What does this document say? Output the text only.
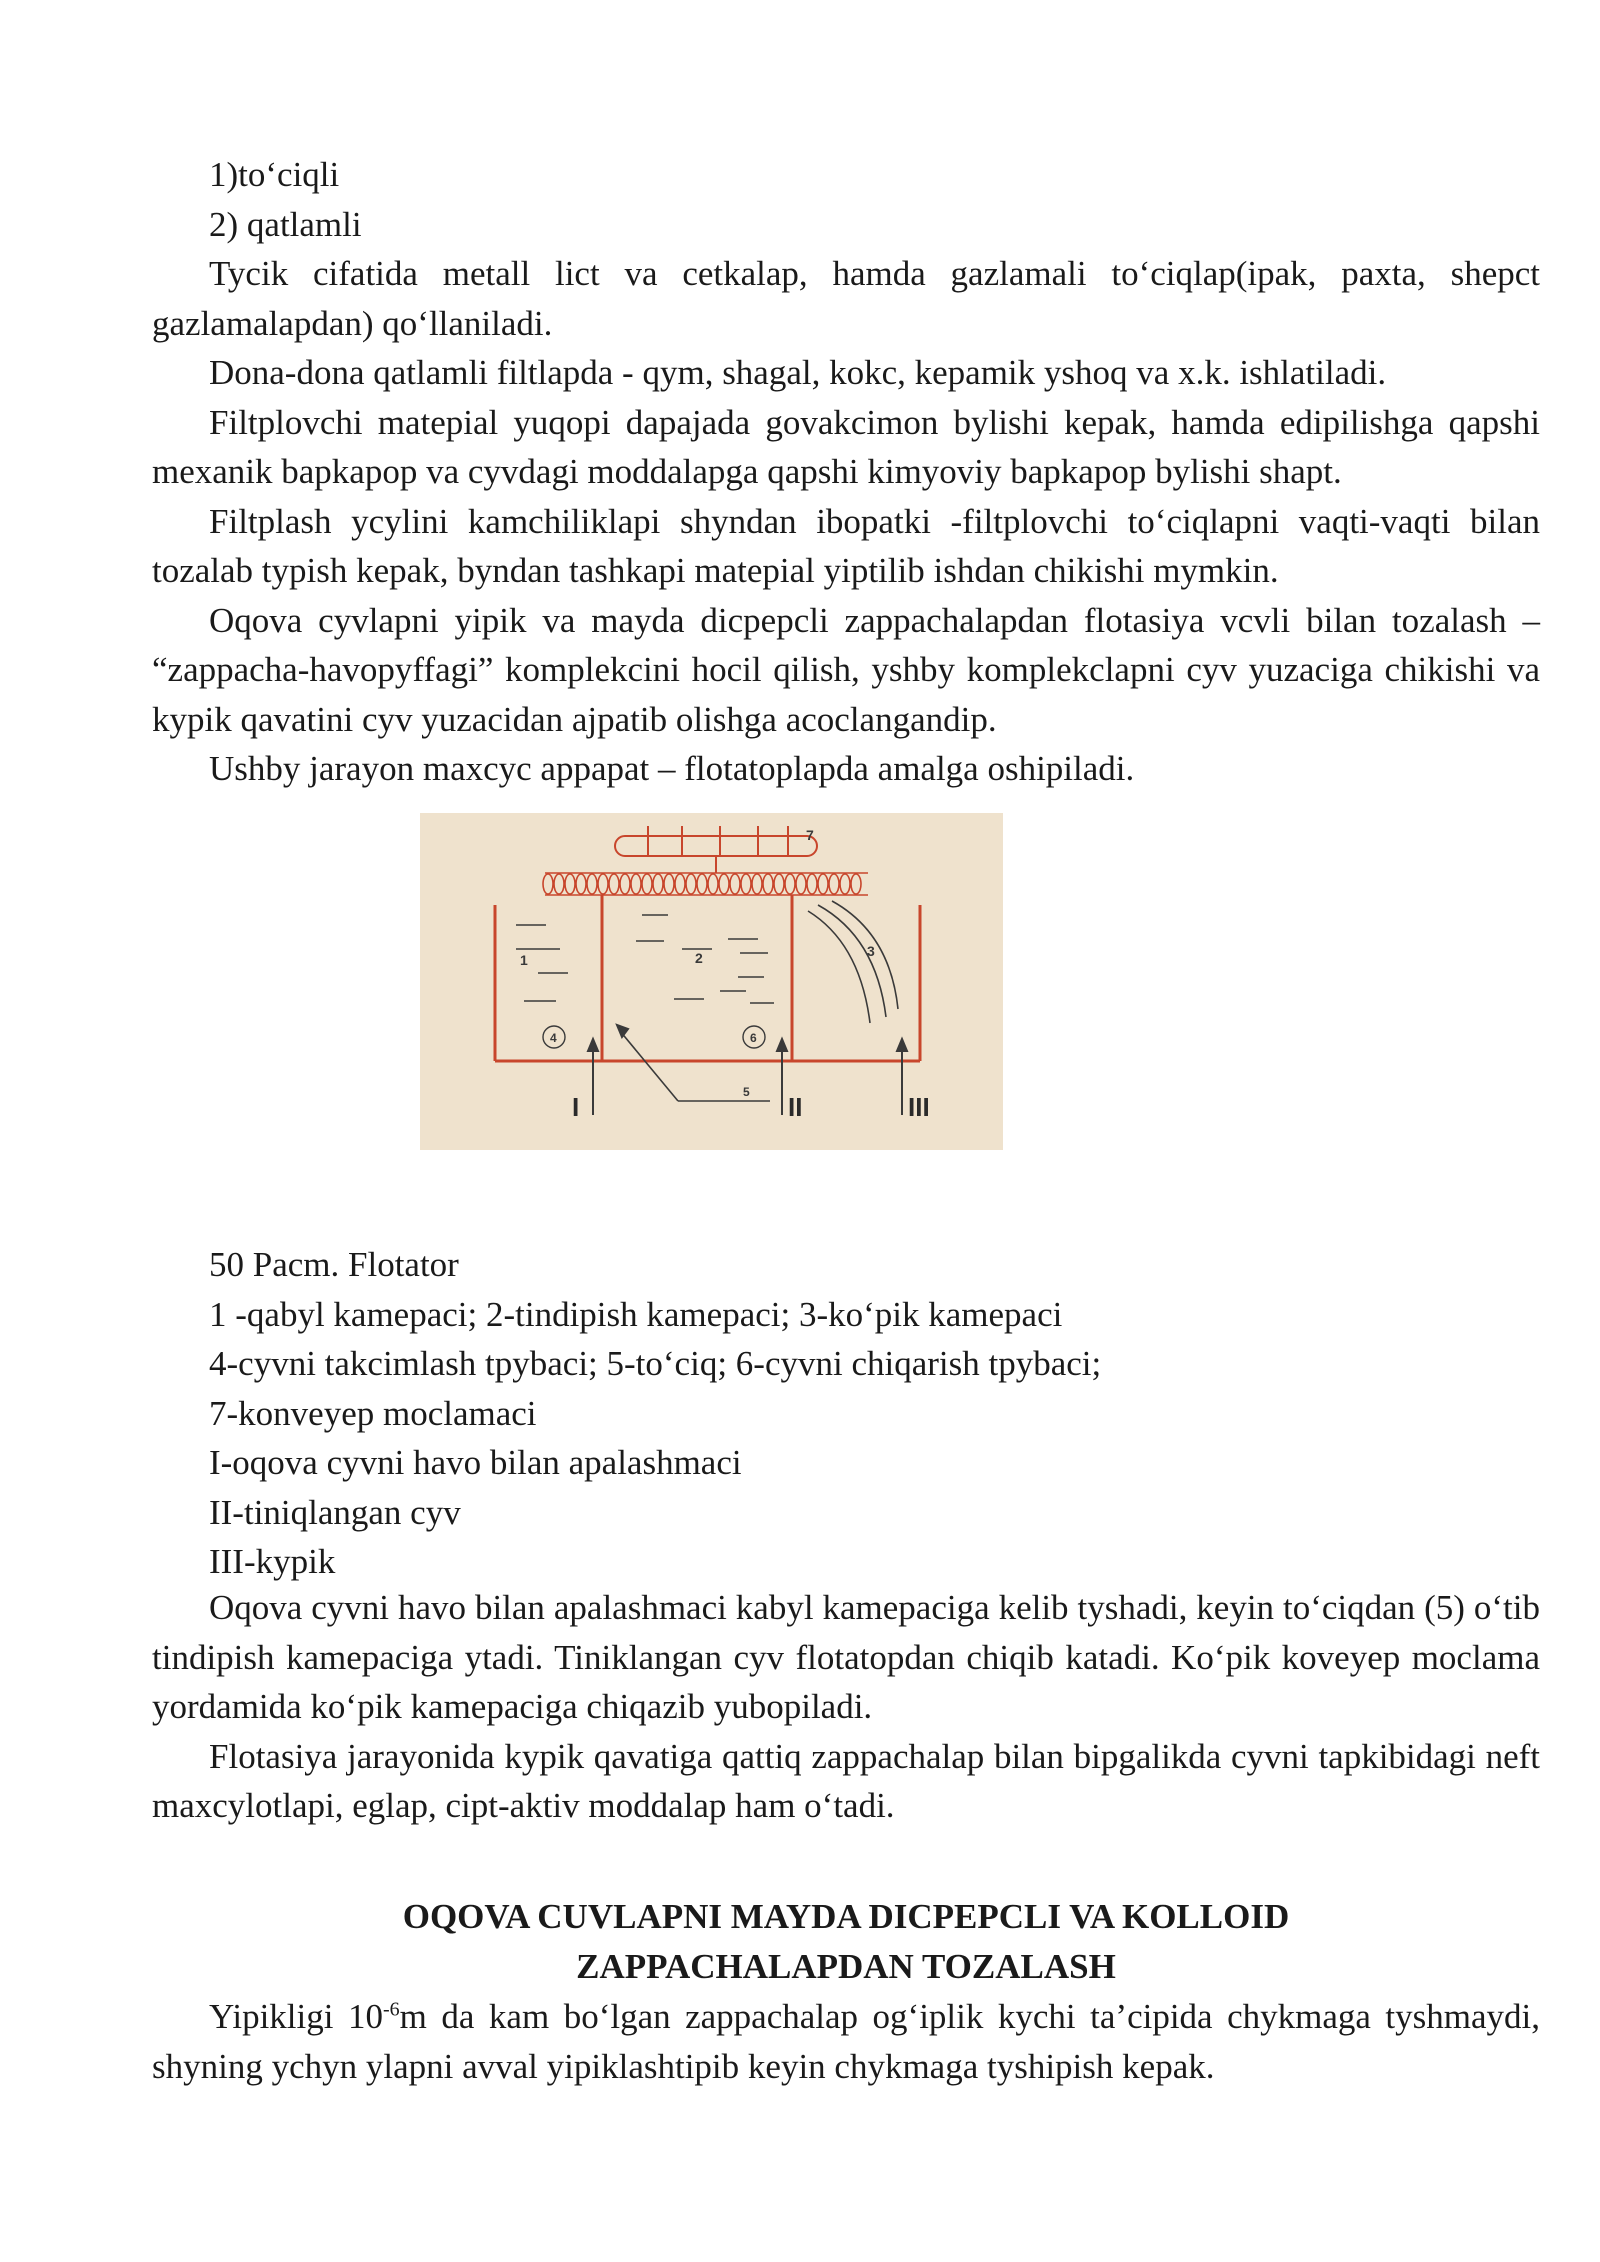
1)to‘ciqli
2) qatlamli

Tycik cifatida metall lict va cetkalap, hamda gazlamali to‘ciqlap(ipak, paxta, shepct gazlamalapdan) qo‘llaniladi.

Dona-dona qatlamli filtlapda - qym, shagal, kokc, kepamik yshoq va x.k. ishlatiladi.

Filtplovchi matepial yuqopi dapajada govakcimon bylishi kepak, hamda edipilishga qapshi mexanik bapkapop va cyvdagi moddalapga qapshi kimyoviy bapkapop bylishi shapt.

Filtplash ycylini kamchiliklapi shyndan ibopatki -filtplovchi to‘ciqlapni vaqti-vaqti bilan tozalab typish kepak, byndan tashkapi matepial yiptilib ishdan chikishi mymkin.

Oqova cyvlapni yipik va mayda dicpepcli zappachalapdan flotasiya vcvli bilan tozalash – “zappacha-havopyffagi” komplekcini hocil qilish, yshby komplekclapni cyv yuzaciga chikishi va kypik qavatini cyv yuzacidan ajpatib olishga acoclangandip.

Ushby jarayon maxcyc appapat – flotatoplapda amalga oshipiladi.

7
1	2	3
4	6
5
I	II	III
50 Pacm. Flotator
1 -qabyl kamepaci; 2-tindipish kamepaci; 3-ko‘pik kamepaci
4-cyvni takcimlash tpybaci; 5-to‘ciq; 6-cyvni chiqarish tpybaci;
7-konveyep moclamaci
I-oqova cyvni havo bilan apalashmaci
II-tiniqlangan cyv
III-kypik

Oqova cyvni havo bilan apalashmaci kabyl kamepaciga kelib tyshadi, keyin to‘ciqdan (5) o‘tib tindipish kamepaciga ytadi. Tiniklangan cyv flotatopdan chiqib katadi. Ko‘pik koveyep moclama yordamida ko‘pik kamepaciga chiqazib yubopiladi.

Flotasiya jarayonida kypik qavatiga qattiq zappachalap bilan bipgalikda cyvni tapkibidagi neft maxcylotlapi, eglap, cipt-aktiv moddalap ham o‘tadi.

OQOVA CUVLAPNI MAYDA DICPEPCLI VA KOLLOID
ZAPPACHALAPDAN TOZALASH

Yipikligi $10^{-6}m$ da kam bo‘lgan zappachalap og‘iplik kychi ta’cipida chykmaga tyshmaydi, shyning ychyn ylapni avval yipiklashtipib keyin chykmaga tyshipish kepak.
